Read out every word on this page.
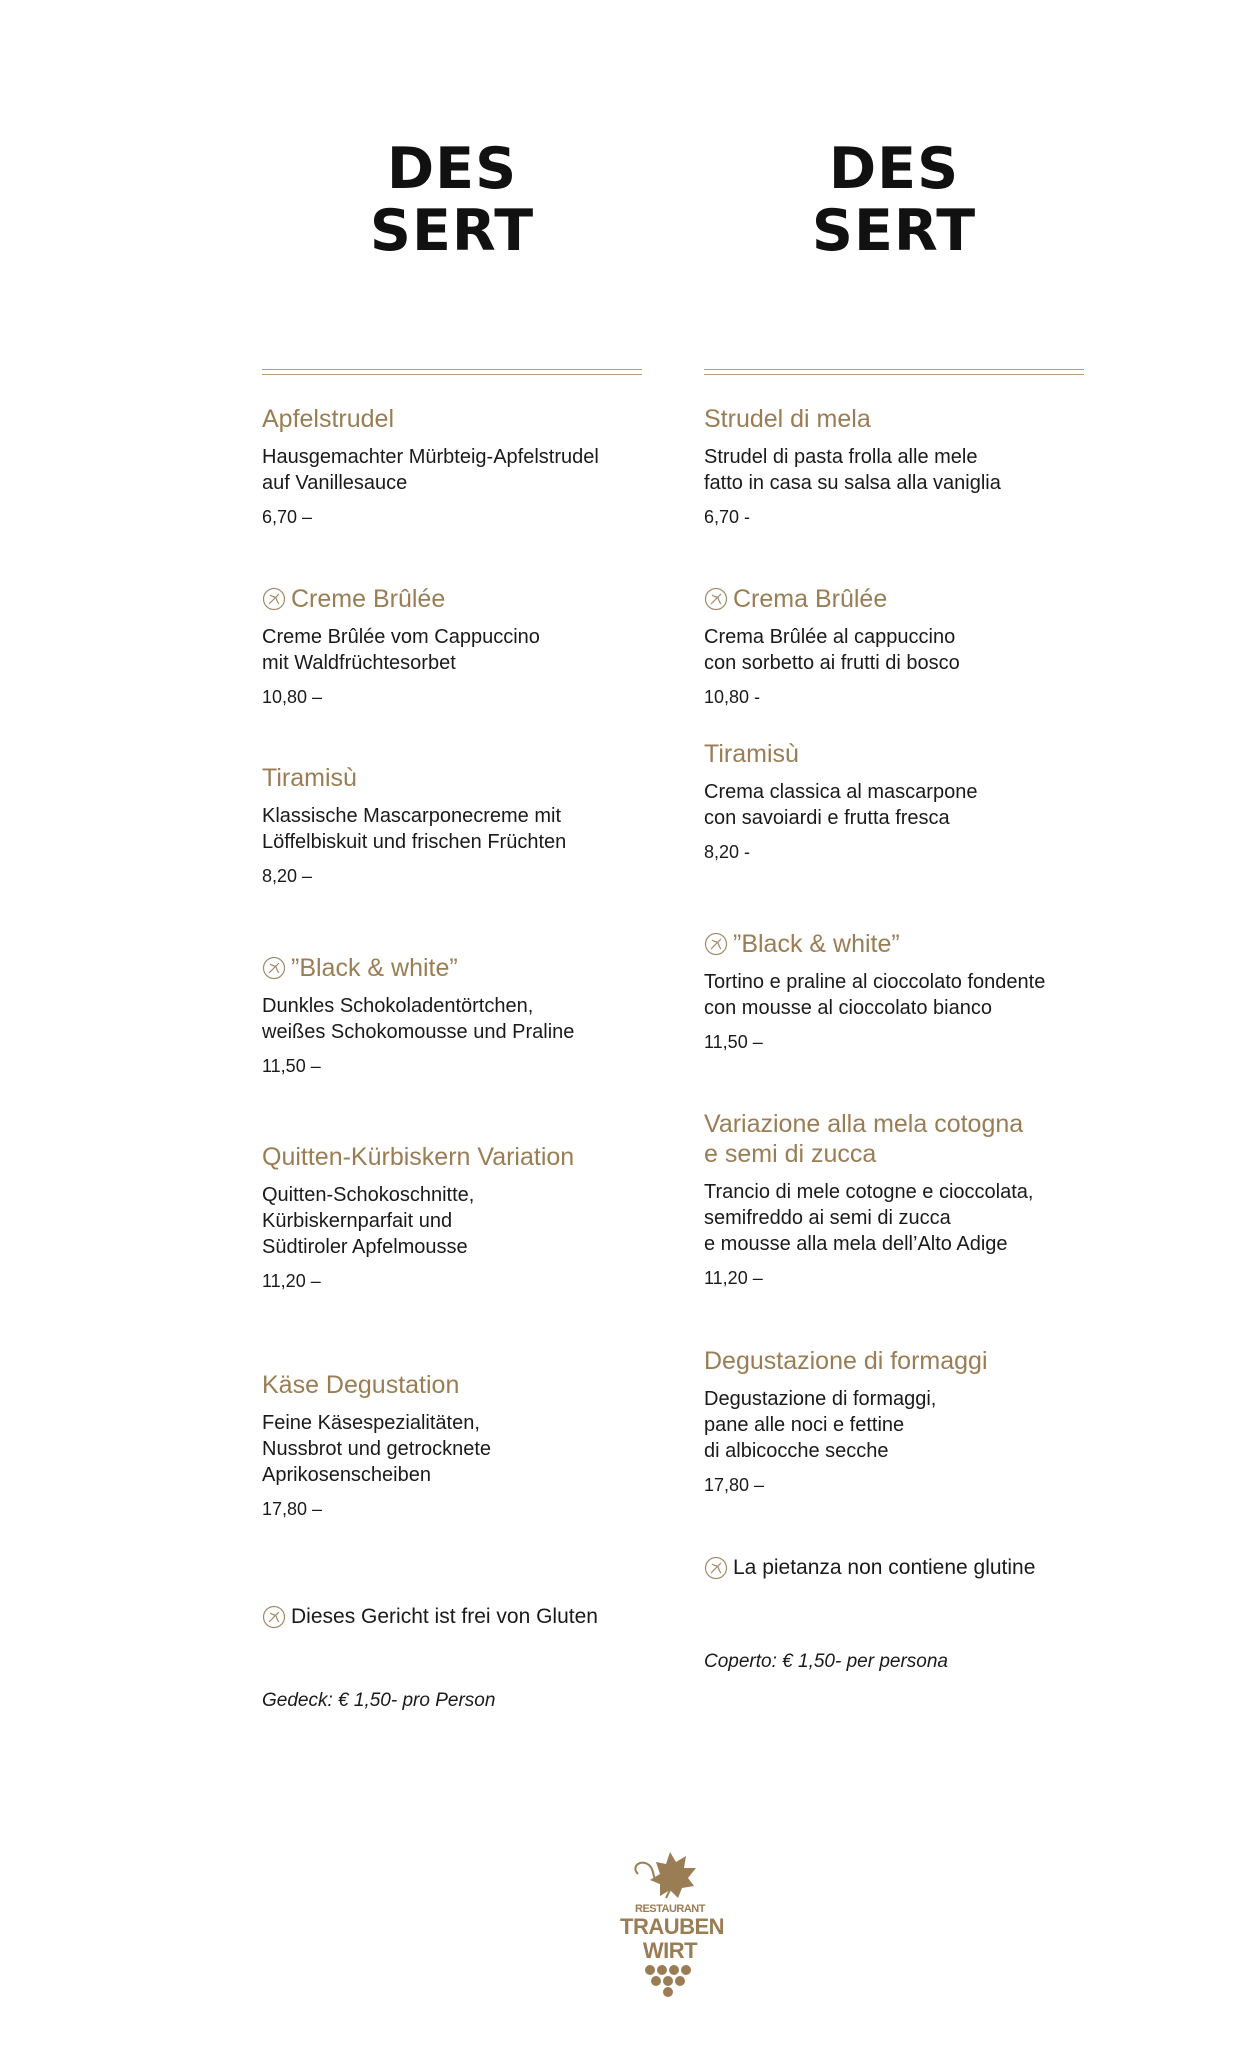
DES
SERT
Apfelstrudel
Hausgemachter Mürbteig-Apfelstrudel
auf Vanillesauce
6,70 –
Creme Brûlée
Creme Brûlée vom Cappuccino
mit Waldfrüchtesorbet
10,80 –
Tiramisù
Klassische Mascarponecreme mit
Löffelbiskuit und frischen Früchten
8,20 –
”Black & white”
Dunkles Schokoladentörtchen,
weißes Schokomousse und Praline
11,50 –
Quitten-Kürbiskern Variation
Quitten-Schokoschnitte,
Kürbiskernparfait und
Südtiroler Apfelmousse
11,20 –
Käse Degustation
Feine Käsespezialitäten,
Nussbrot und getrocknete
Aprikosenscheiben
17,80 –
Dieses Gericht ist frei von Gluten
Gedeck: € 1,50- pro Person
DES
SERT
Strudel di mela
Strudel di pasta frolla alle mele
fatto in casa su salsa alla vaniglia
6,70 -
Crema Brûlée
Crema Brûlée al cappuccino
con sorbetto ai frutti di bosco
10,80 -
Tiramisù
Crema classica al mascarpone
con savoiardi e frutta fresca
8,20 -
”Black & white”
Tortino e praline al cioccolato fondente
con mousse al cioccolato bianco
11,50 –
Variazione alla mela cotogna
e semi di zucca
Trancio di mele cotogne e cioccolata,
semifreddo ai semi di zucca
e mousse alla mela dell’Alto Adige
11,20 –
Degustazione di formaggi
Degustazione di formaggi,
pane alle noci e fettine
di albicocche secche
17,80 –
La pietanza non contiene glutine
Coperto: € 1,50- per persona
RESTAURANT
TRAUBEN
WIRT
